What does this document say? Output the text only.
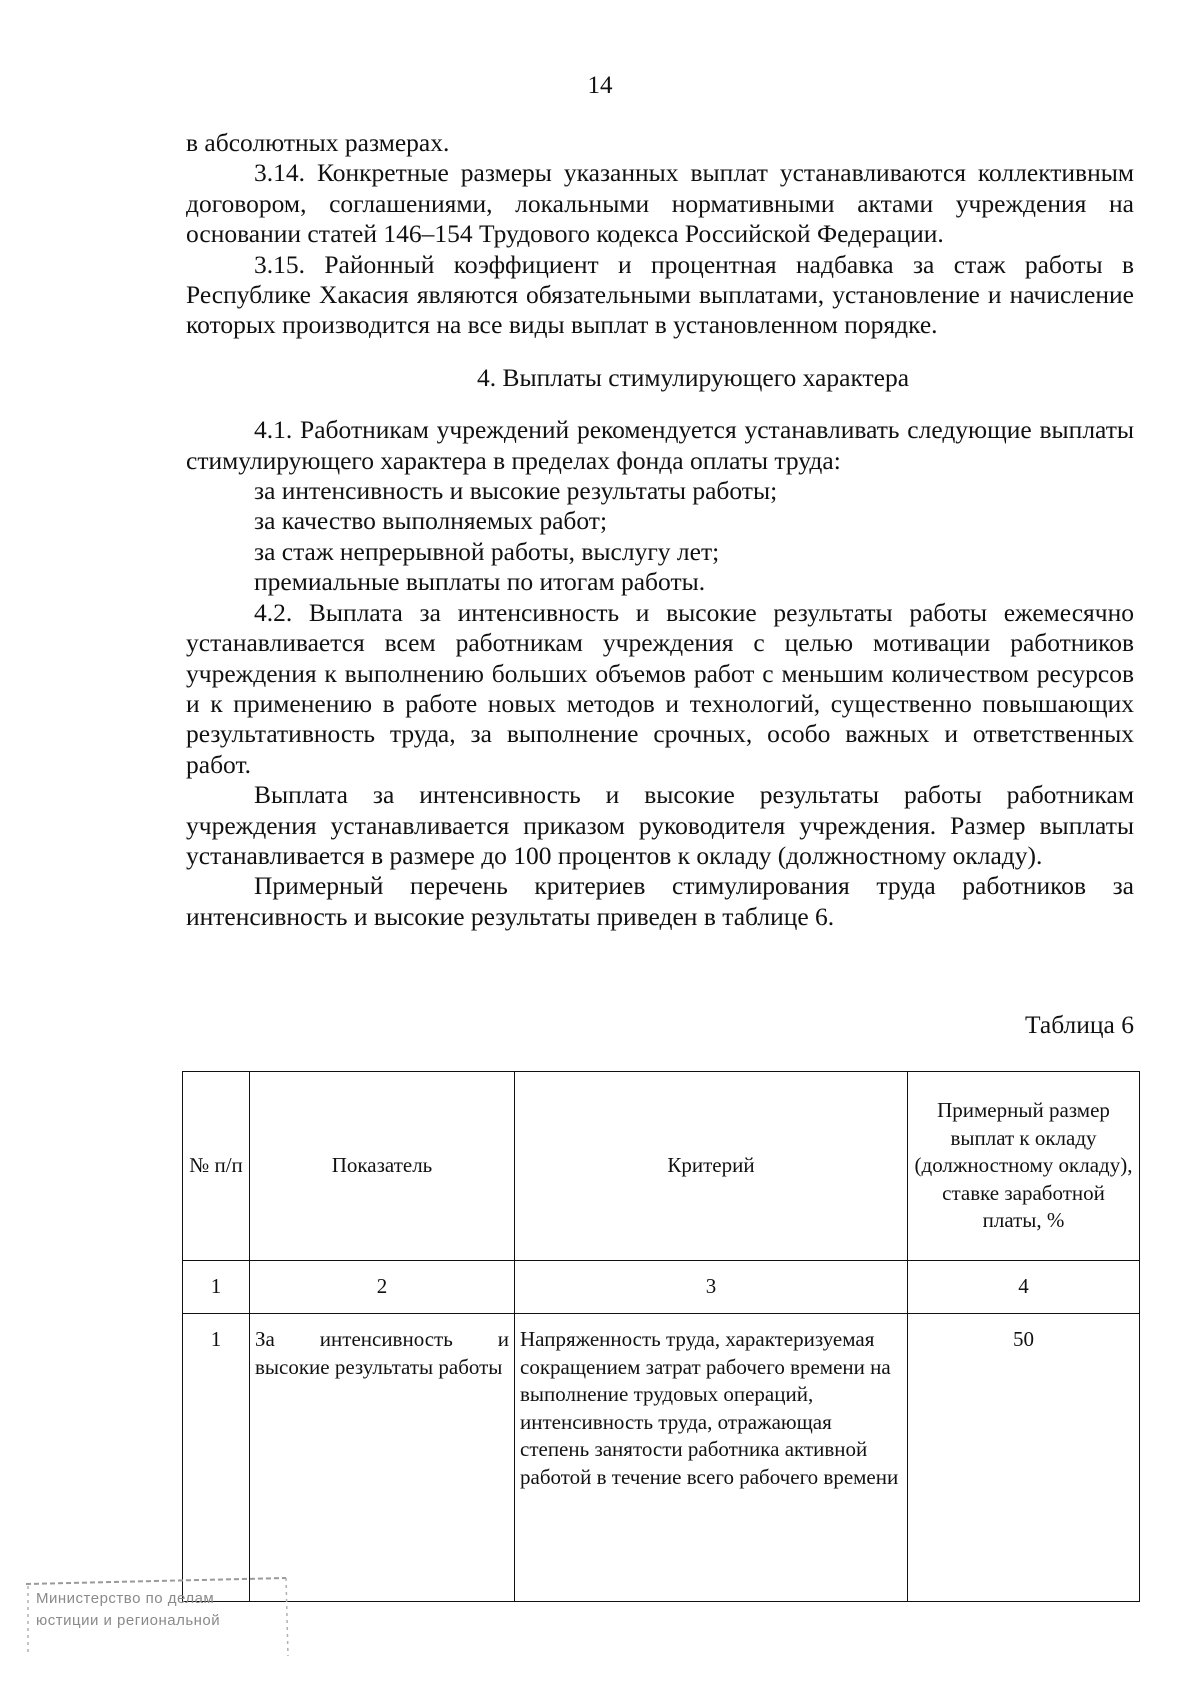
14

в абсолютных размерах.

3.14. Конкретные размеры указанных выплат устанавливаются коллективным договором, соглашениями, локальными нормативными актами учреждения на основании статей 146–154 Трудового кодекса Российской Федерации.

3.15. Районный коэффициент и процентная надбавка за стаж работы в Республике Хакасия являются обязательными выплатами, установление и начисление которых производится на все виды выплат в установленном порядке.

4. Выплаты стимулирующего характера

4.1. Работникам учреждений рекомендуется устанавливать следующие выплаты стимулирующего характера в пределах фонда оплаты труда:

за интенсивность и высокие результаты работы;

за качество выполняемых работ;

за стаж непрерывной работы, выслугу лет;

премиальные выплаты по итогам работы.

4.2. Выплата за интенсивность и высокие результаты работы ежемесячно устанавливается всем работникам учреждения с целью мотивации работников учреждения к выполнению больших объемов работ с меньшим количеством ресурсов и к применению в работе новых методов и технологий, существенно повышающих результативность труда, за выполнение срочных, особо важных и ответственных работ.

Выплата за интенсивность и высокие результаты работы работникам учреждения устанавливается приказом руководителя учреждения. Размер выплаты устанавливается в размере до 100 процентов к окладу (должностному окладу).

Примерный перечень критериев стимулирования труда работников за интенсивность и высокие результаты приведен в таблице 6.

Таблица 6
№ п/п	Показатель	Критерий	Примерный размер выплат к окладу (должностному окладу), ставке заработной платы, %
1	2	3	4
1	За интенсивность и высокие результаты работы	Напряженность труда, характеризуемая сокращением затрат рабочего времени на выполнение трудовых операций, интенсивность труда, отражающая степень занятости работника активной работой в течение всего рабочего времени	50
Министерство по делам
юстиции и региональной
